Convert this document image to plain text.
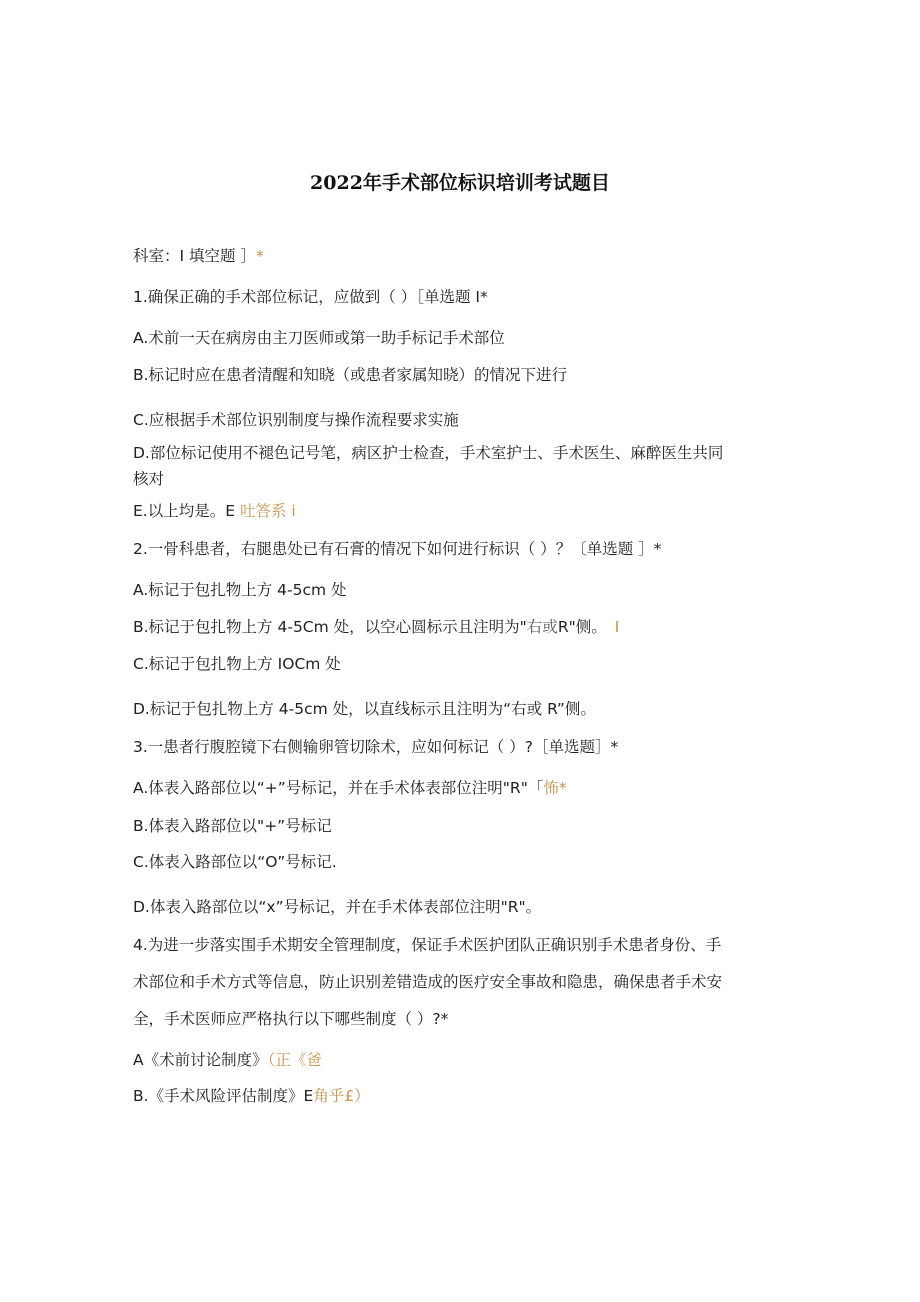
2022年手术部位标识培训考试题目
科室：I 填空题 ］*
1.确保正确的手术部位标记，应做到（ ）［单选题 I*
A.术前一天在病房由主刀医师或第一助手标记手术部位
B.标记时应在患者清醒和知晓（或患者家属知晓）的情况下进行
C.应根据手术部位识别制度与操作流程要求实施
D.部位标记使用不褪色记号笔，病区护士检查，手术室护士、手术医生、麻醉医生共同
核对
E.以上均是。E 吐答系 i
2.一骨科患者，右腿患处已有石膏的情况下如何进行标识（ ）？〔单选题 ］*
A.标记于包扎物上方 4-5cm 处
B.标记于包扎物上方 4-5Cm 处，以空心圆标示且注明为"右或R"侧。 I
C.标记于包扎物上方 IOCm 处
D.标记于包扎物上方 4-5cm 处，以直线标示且注明为“右或 R”侧。
3.一患者行腹腔镜下右侧输卵管切除术，应如何标记（ ）?［单选题］*
A.体表入路部位以“+”号标记，并在手术体表部位注明"R"「怖*
B.体表入路部位以"+”号标记
C.体表入路部位以“O”号标记.
D.体表入路部位以“x”号标记，并在手术体表部位注明"R"。
4.为进一步落实围手术期安全管理制度，保证手术医护团队正确识别手术患者身份、手
术部位和手术方式等信息，防止识别差错造成的医疗安全事故和隐患，确保患者手术安
全，手术医师应严格执行以下哪些制度（ ）?*
A《术前讨论制度》（正《爸
B.《手术风险评估制度》E角乎£）
